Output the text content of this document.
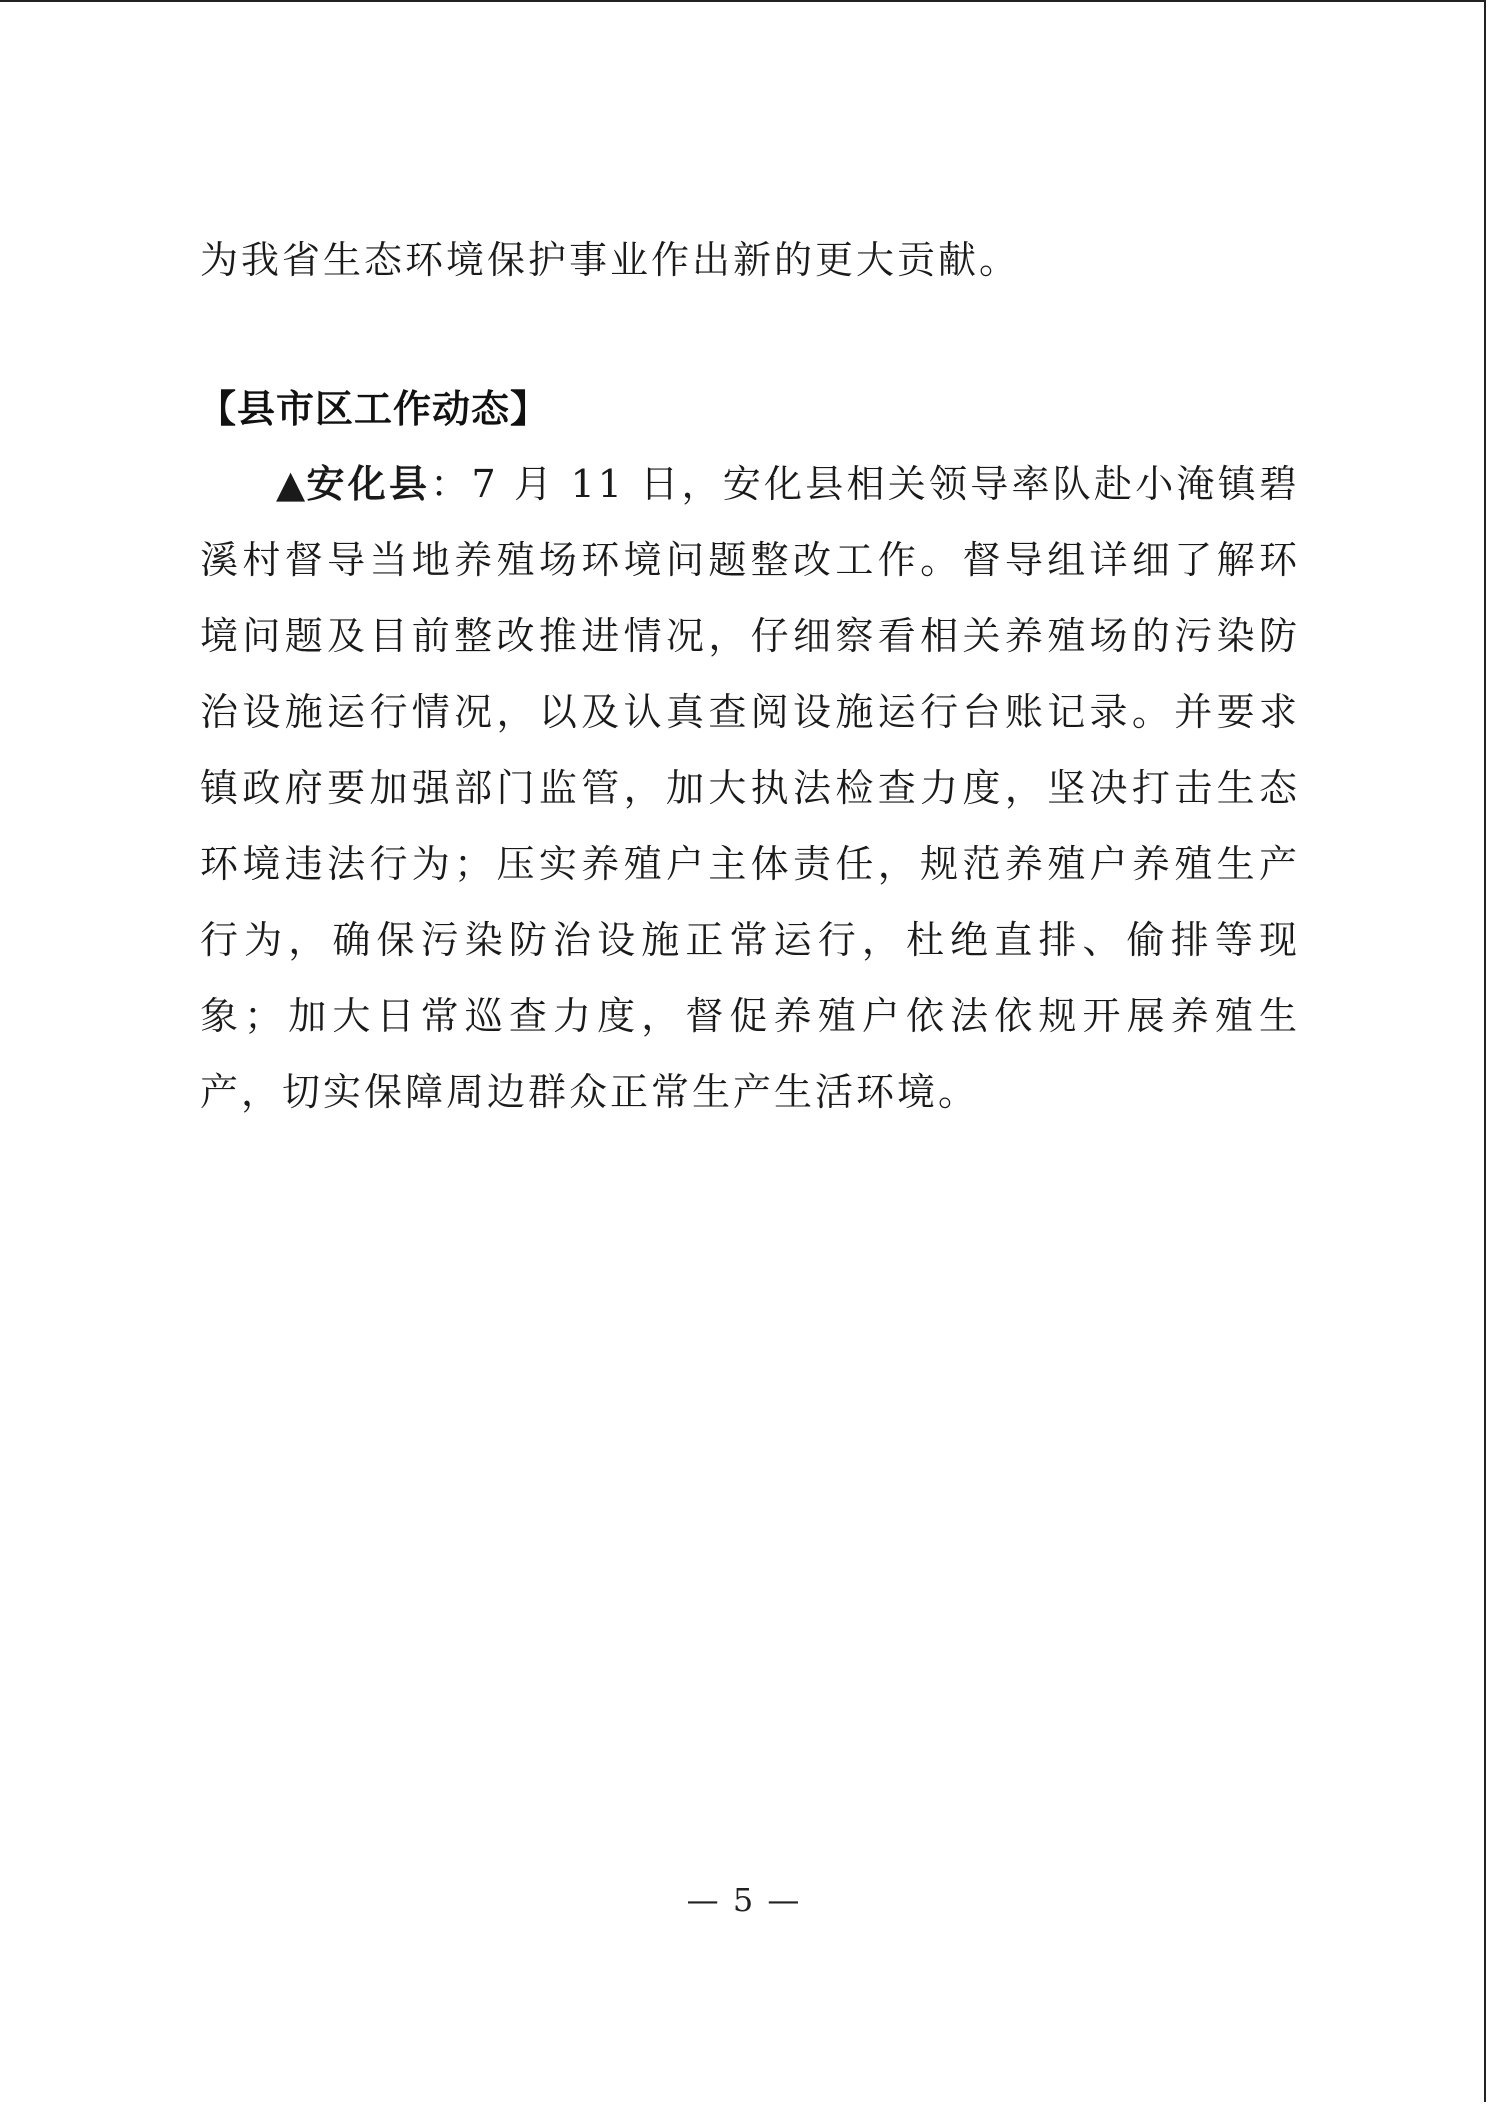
为我省生态环境保护事业作出新的更大贡献。

【县市区工作动态】

▲安化县：7 月 11 日，安化县相关领导率队赴小淹镇碧溪村督导当地养殖场环境问题整改工作。督导组详细了解环境问题及目前整改推进情况，仔细察看相关养殖场的污染防治设施运行情况，以及认真查阅设施运行台账记录。并要求镇政府要加强部门监管，加大执法检查力度，坚决打击生态环境违法行为；压实养殖户主体责任，规范养殖户养殖生产行为，确保污染防治设施正常运行，杜绝直排、偷排等现象；加大日常巡查力度，督促养殖户依法依规开展养殖生产，切实保障周边群众正常生产生活环境。

— 5 —
